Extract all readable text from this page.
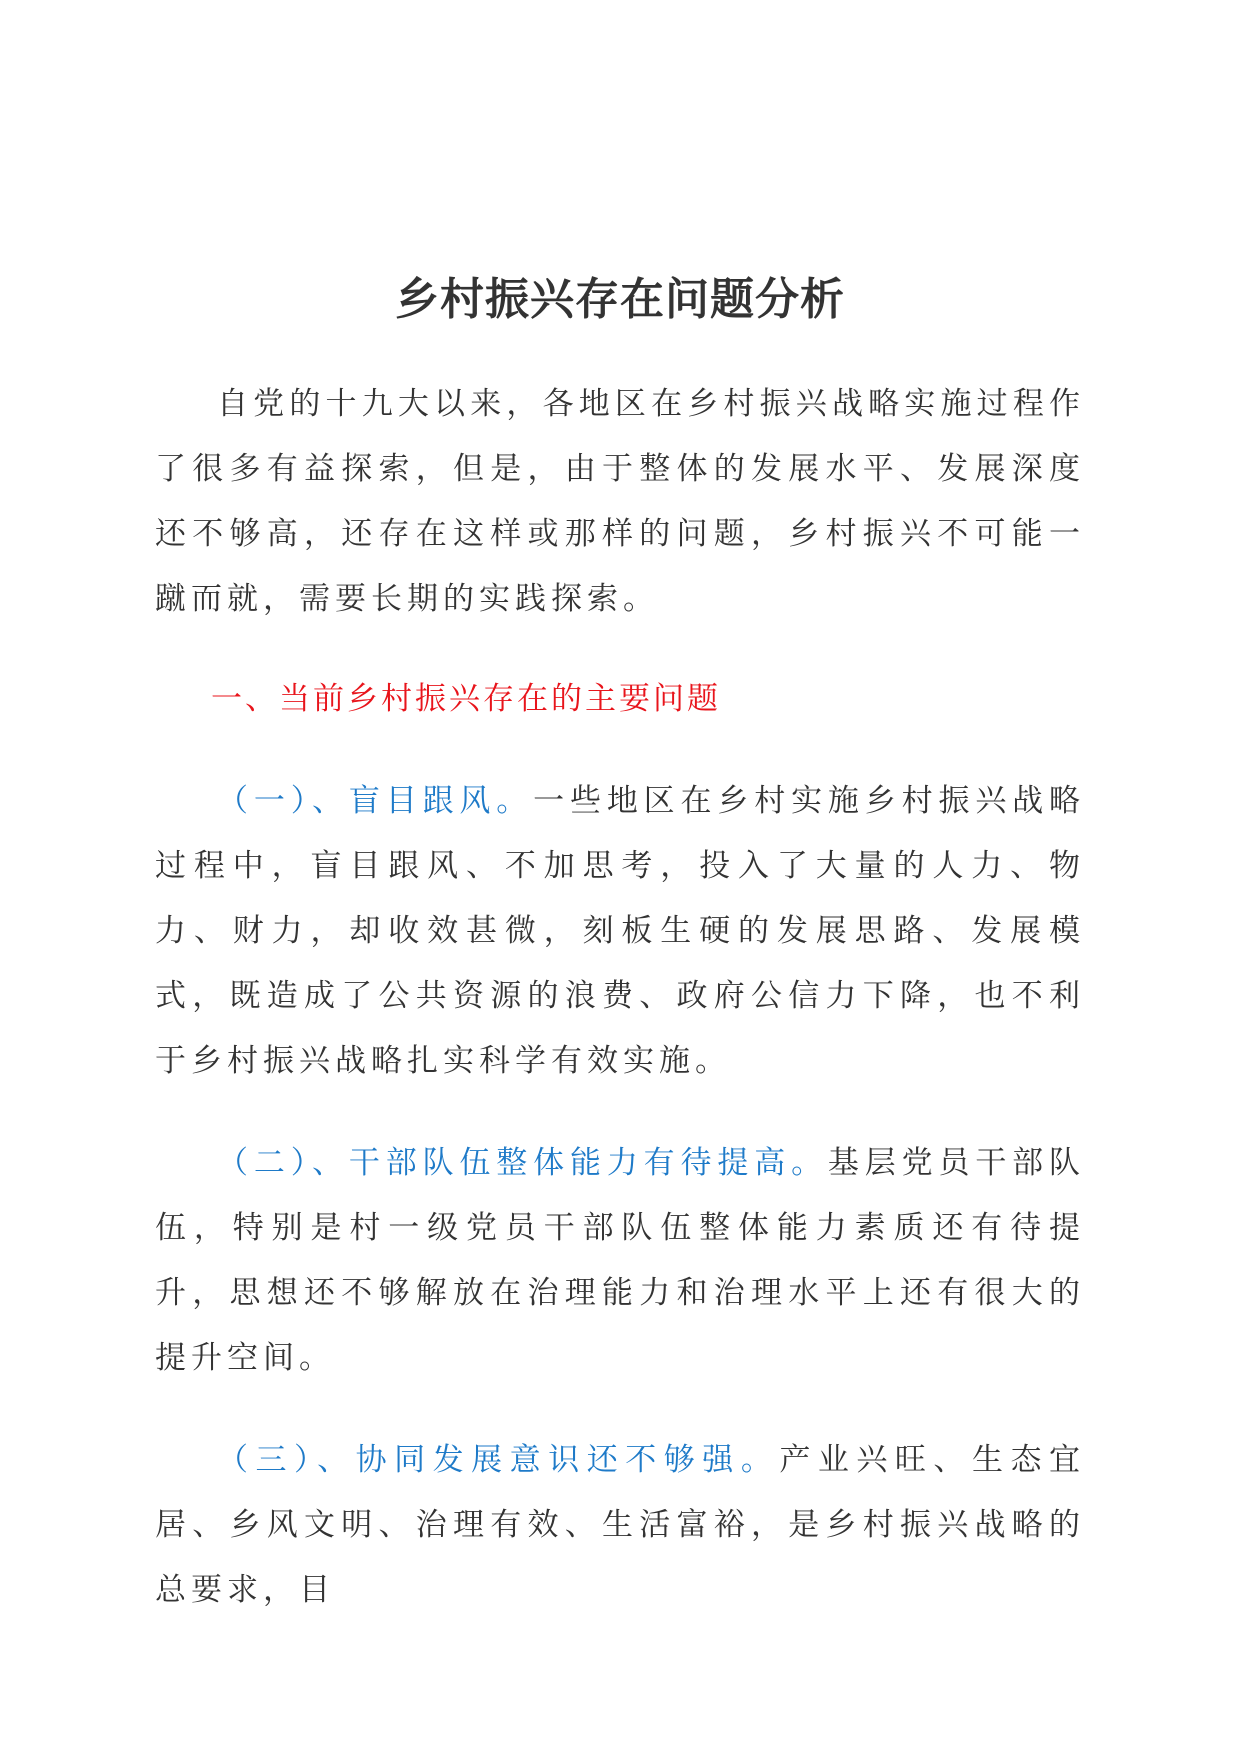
乡村振兴存在问题分析

自党的十九大以来，各地区在乡村振兴战略实施过程作了很多有益探索，但是，由于整体的发展水平、发展深度还不够高，还存在这样或那样的问题，乡村振兴不可能一蹴而就，需要长期的实践探索。

一、当前乡村振兴存在的主要问题

（一）、盲目跟风。一些地区在乡村实施乡村振兴战略过程中，盲目跟风、不加思考，投入了大量的人力、物力、财力，却收效甚微，刻板生硬的发展思路、发展模式，既造成了公共资源的浪费、政府公信力下降，也不利于乡村振兴战略扎实科学有效实施。

（二）、干部队伍整体能力有待提高。基层党员干部队伍，特别是村一级党员干部队伍整体能力素质还有待提升，思想还不够解放在治理能力和治理水平上还有很大的提升空间。

（三）、协同发展意识还不够强。产业兴旺、生态宜居、乡风文明、治理有效、生活富裕，是乡村振兴战略的总要求，目
